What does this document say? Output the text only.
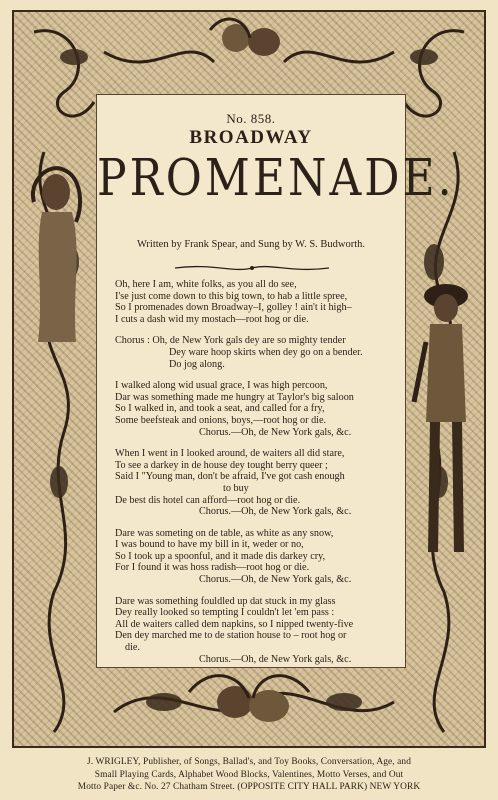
No. 858.
BROADWAY
PROMENADE.
Written by Frank Spear, and Sung by W. S. Budworth.
Oh, here I am, white folks, as you all do see,
I'se just come down to this big town, to hab a little spree,
So I promenades down Broadway–I, golley ! ain't it high–
I cuts a dash wid my mostach—root hog or die.
Chorus : Oh, de New York gals dey are so mighty tender
Dey ware hoop skirts when dey go on a bender.
Do jog along.
I walked along wid usual grace, I was high percoon,
Dar was something made me hungry at Taylor's big saloon
So I walked in, and took a seat, and called for a fry,
Some beefsteak and onions, boys,—root hog or die.
Chorus.—Oh, de New York gals, &c.
When I went in I looked around, de waiters all did stare,
To see a darkey in de house dey tought berry queer ;
Said I "Young man, don't be afraid, I've got cash enough
to buy
De best dis hotel can afford—root hog or die.
Chorus.—Oh, de New York gals, &c.
Dare was someting on de table, as white as any snow,
I was bound to have my bill in it, weder or no,
So I took up a spoonful, and it made dis darkey cry,
For I found it was hoss radish—root hog or die.
Chorus.—Oh, de New York gals, &c.
Dare was something fouldled up dat stuck in my glass
Dey really looked so tempting I couldn't let 'em pass :
All de waiters called dem napkins, so I nipped twenty-five
Den dey marched me to de station house to – root hog or
die.
Chorus.—Oh, de New York gals, &c.
J. WRIGLEY, Publisher, of Songs, Ballad's, and Toy Books, Conversation, Age, and
Small Playing Cards, Alphabet Wood Blocks, Valentines, Motto Verses, and Out
Motto Paper &c. No. 27 Chatham Street. (OPPOSITE CITY HALL PARK) NEW YORK
